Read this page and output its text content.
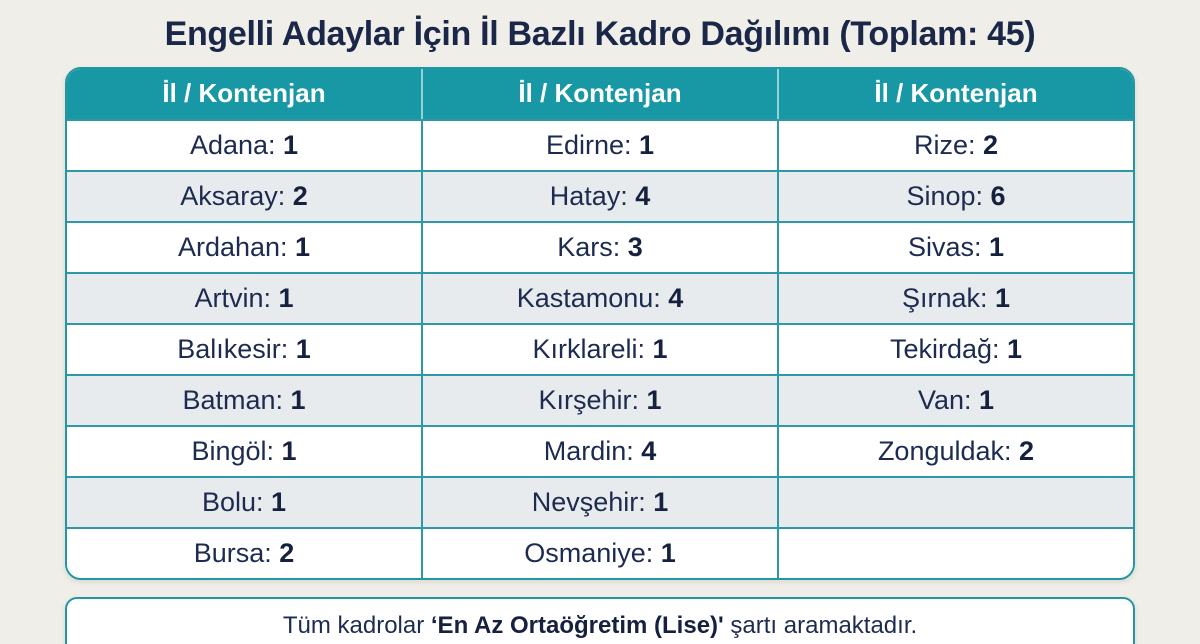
Engelli Adaylar İçin İl Bazlı Kadro Dağılımı (Toplam: 45)
İl / Kontenjan	İl / Kontenjan	İl / Kontenjan
Adana: 1	Edirne: 1	Rize: 2
Aksaray: 2	Hatay: 4	Sinop: 6
Ardahan: 1	Kars: 3	Sivas: 1
Artvin: 1	Kastamonu: 4	Şırnak: 1
Balıkesir: 1	Kırklareli: 1	Tekirdağ: 1
Batman: 1	Kırşehir: 1	Van: 1
Bingöl: 1	Mardin: 4	Zonguldak: 2
Bolu: 1	Nevşehir: 1
Bursa: 2	Osmaniye: 1
Tüm kadrolar ‘En Az Ortaöğretim (Lise)' şartı aramaktadır.
